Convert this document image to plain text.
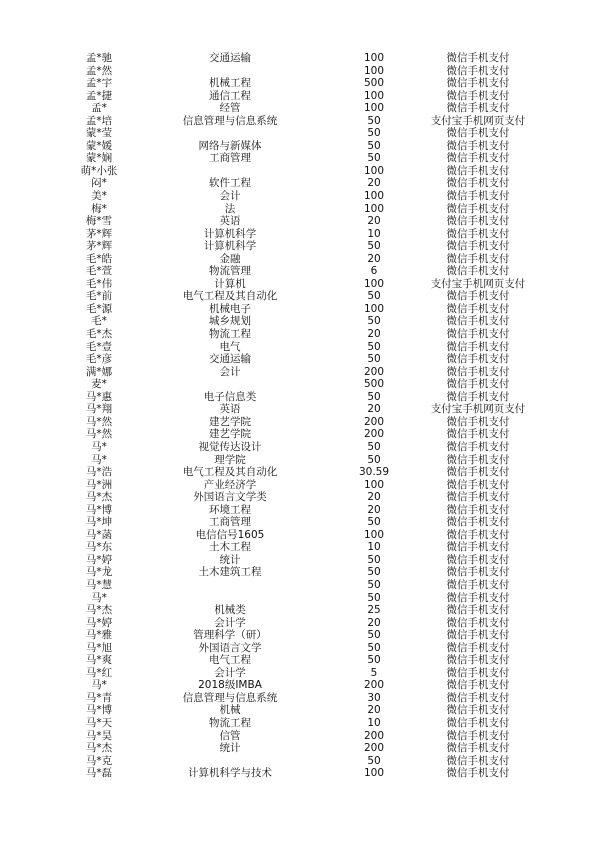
孟*驰	交通运输	100	微信手机支付
孟*然		100	微信手机支付
孟*宇	机械工程	500	微信手机支付
孟*捷	通信工程	100	微信手机支付
孟*	经管	100	微信手机支付
孟*培	信息管理与信息系统	50	支付宝手机网页支付
蒙*莹		50	微信手机支付
蒙*媛	网络与新媒体	50	微信手机支付
蒙*娴	工商管理	50	微信手机支付
萌*小张		100	微信手机支付
闷*	软件工程	20	微信手机支付
美*	会计	100	微信手机支付
梅*	法	100	微信手机支付
梅*雪	英语	20	微信手机支付
茅*辉	计算机科学	10	微信手机支付
茅*辉	计算机科学	50	微信手机支付
毛*皓	金融	20	微信手机支付
毛*萱	物流管理	6	微信手机支付
毛*伟	计算机	100	支付宝手机网页支付
毛*前	电气工程及其自动化	50	微信手机支付
毛*源	机械电子	100	微信手机支付
毛*	城乡规划	50	微信手机支付
毛*杰	物流工程	20	微信手机支付
毛*壹	电气	50	微信手机支付
毛*彦	交通运输	50	微信手机支付
满*娜	会计	200	微信手机支付
麦*		500	微信手机支付
马*惠	电子信息类	50	微信手机支付
马*翔	英语	20	支付宝手机网页支付
马*然	建艺学院	200	微信手机支付
马*然	建艺学院	200	微信手机支付
马*	视觉传达设计	50	微信手机支付
马*	理学院	50	微信手机支付
马*浩	电气工程及其自动化	30.59	微信手机支付
马*洲	产业经济学	100	微信手机支付
马*杰	外国语言文学类	20	微信手机支付
马*博	环境工程	20	微信手机支付
马*坤	工商管理	50	微信手机支付
马*菡	电信信号1605	100	微信手机支付
马*东	土木工程	10	微信手机支付
马*婷	统计	50	微信手机支付
马*龙	土木建筑工程	50	微信手机支付
马*慧		50	微信手机支付
马*		50	微信手机支付
马*杰	机械类	25	微信手机支付
马*婷	会计学	20	微信手机支付
马*雅	管理科学（研）	50	微信手机支付
马*旭	外国语言文学	50	微信手机支付
马*爽	电气工程	50	微信手机支付
马*红	会计学	5	微信手机支付
马*	2018级IMBA	200	微信手机支付
马*青	信息管理与信息系统	30	微信手机支付
马*博	机械	20	微信手机支付
马*天	物流工程	10	微信手机支付
马*昊	信管	200	微信手机支付
马*杰	统计	200	微信手机支付
马*克		50	微信手机支付
马*磊	计算机科学与技术	100	微信手机支付
